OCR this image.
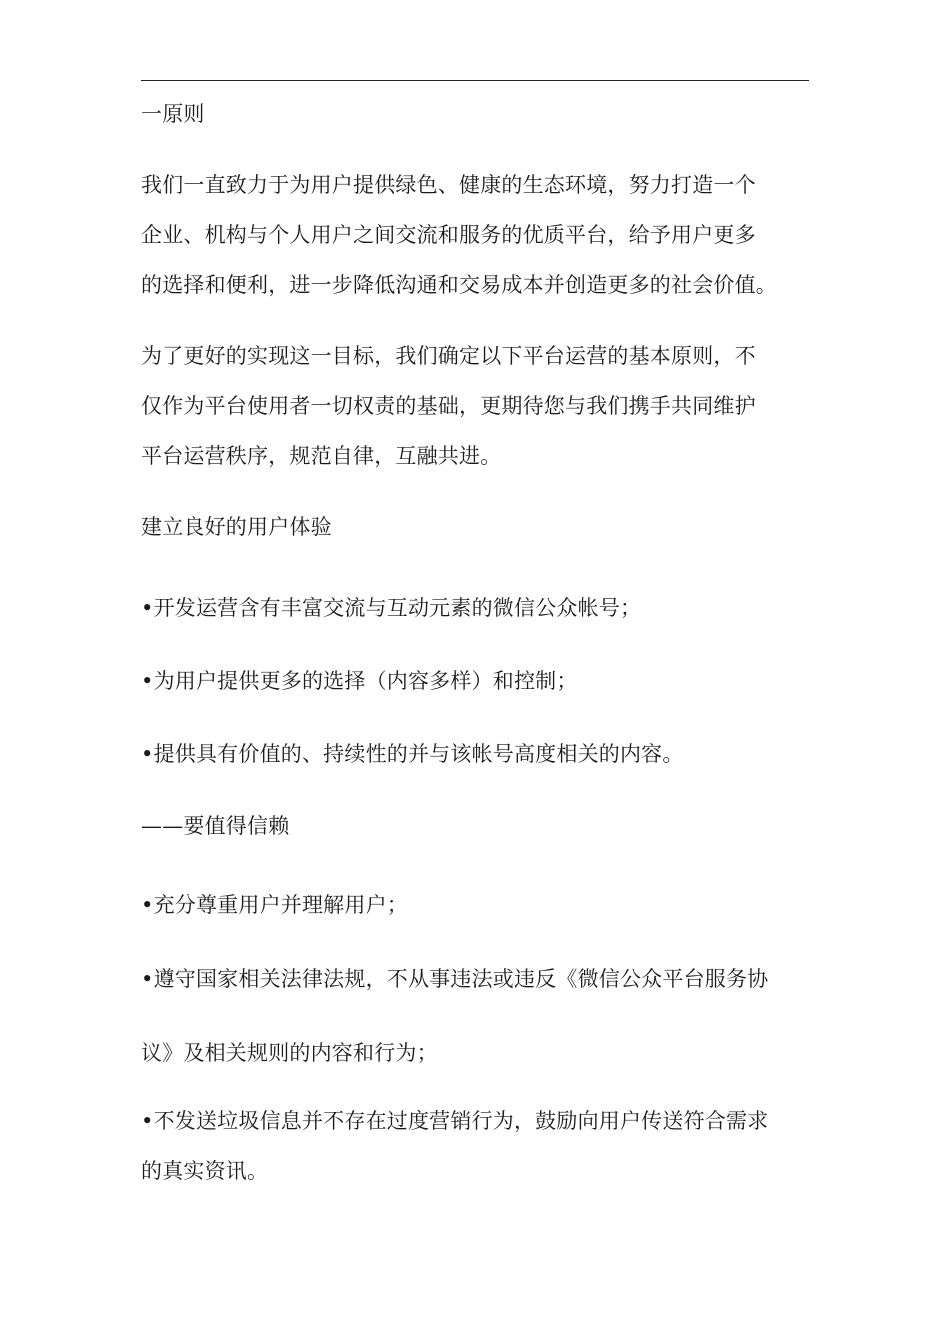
一原则
我们一直致力于为用户提供绿色、健康的生态环境，努力打造一个
企业、机构与个人用户之间交流和服务的优质平台，给予用户更多
的选择和便利，进一步降低沟通和交易成本并创造更多的社会价值。
为了更好的实现这一目标，我们确定以下平台运营的基本原则，不
仅作为平台使用者一切权责的基础，更期待您与我们携手共同维护
平台运营秩序，规范自律，互融共进。
建立良好的用户体验
•开发运营含有丰富交流与互动元素的微信公众帐号；
•为用户提供更多的选择（内容多样）和控制；
•提供具有价值的、持续性的并与该帐号高度相关的内容。
——要值得信赖
•充分尊重用户并理解用户；
•遵守国家相关法律法规，不从事违法或违反《微信公众平台服务协
议》及相关规则的内容和行为；
•不发送垃圾信息并不存在过度营销行为，鼓励向用户传送符合需求
的真实资讯。
